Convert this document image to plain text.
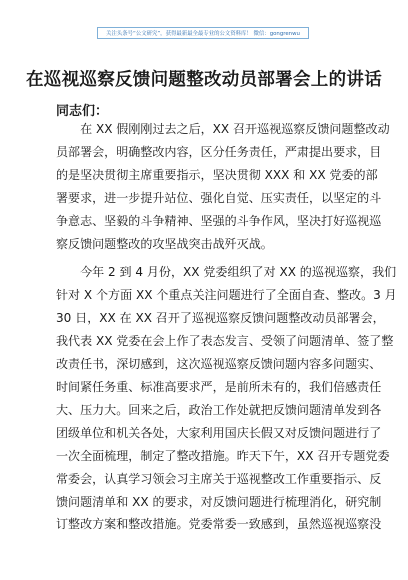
关注头条号“公文研究”，获得最新最全最专业的公文资料库！ 微信：gongrenwu
在巡视巡察反馈问题整改动员部署会上的讲话
同志们：
在 XX 假刚刚过去之后，XX 召开巡视巡察反馈问题整改动
员部署会，明确整改内容，区分任务责任，严肃提出要求，目
的是坚决贯彻主席重要指示，坚决贯彻 XXX 和 XX 党委的部
署要求，进一步提升站位、强化自觉、压实责任，以坚定的斗
争意志、坚毅的斗争精神、坚强的斗争作风，坚决打好巡视巡
察反馈问题整改的攻坚战突击战歼灭战。
今年 2 到 4 月份，XX 党委组织了对 XX 的巡视巡察，我们
针对 X 个方面 XX 个重点关注问题进行了全面自查、整改。3 月
30 日，XX 在 XX 召开了巡视巡察反馈问题整改动员部署会，
我代表 XX 党委在会上作了表态发言、受领了问题清单、签了整
改责任书，深切感到，这次巡视巡察反馈问题内容多问题实、
时间紧任务重、标准高要求严，是前所未有的，我们倍感责任
大、压力大。回来之后，政治工作处就把反馈问题清单发到各
团级单位和机关各处，大家利用国庆长假又对反馈问题进行了
一次全面梳理，制定了整改措施。昨天下午，XX 召开专题党委
常委会，认真学习领会习主席关于巡视整改工作重要指示、反
馈问题清单和 XX 的要求，对反馈问题进行梳理消化，研究制
订整改方案和整改措施。党委常委一致感到，虽然巡视巡察没
